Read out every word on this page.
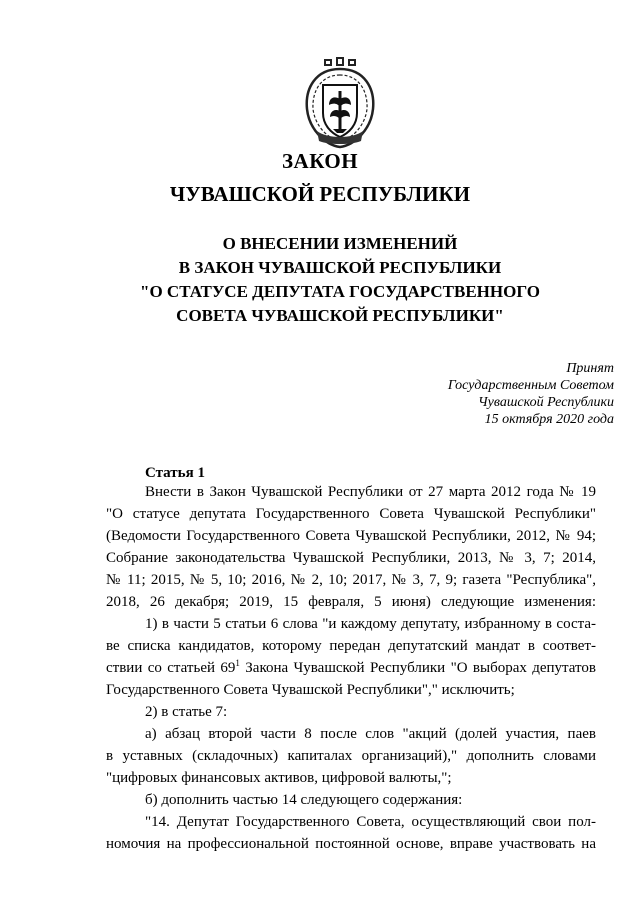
ЗАКОН
ЧУВАШСКОЙ РЕСПУБЛИКИ
О ВНЕСЕНИИ ИЗМЕНЕНИЙ
В ЗАКОН ЧУВАШСКОЙ РЕСПУБЛИКИ
"О СТАТУСЕ ДЕПУТАТА ГОСУДАРСТВЕННОГО
СОВЕТА ЧУВАШСКОЙ РЕСПУБЛИКИ"
Принят
Государственным Советом
Чувашской Республики
15 октября 2020 года
Статья 1
Внести в Закон Чувашской Республики от 27 марта 2012 года № 19
"О статусе депутата Государственного Совета Чувашской Республики"
(Ведомости Государственного Совета Чувашской Республики, 2012, № 94;
Собрание законодательства Чувашской Республики, 2013, № 3, 7; 2014,
№ 11; 2015, № 5, 10; 2016, № 2, 10; 2017, № 3, 7, 9; газета "Республика",
2018, 26 декабря; 2019, 15 февраля, 5 июня) следующие изменения:
1) в части 5 статьи 6 слова "и каждому депутату, избранному в соста-
ве списка кандидатов, которому передан депутатский мандат в соответ-
ствии со статьей $69^1$ Закона Чувашской Республики "О выборах депутатов
Государственного Совета Чувашской Республики"," исключить;
2) в статье 7:
а) абзац второй части 8 после слов "акций (долей участия, паев
в уставных (складочных) капиталах организаций)," дополнить словами
"цифровых финансовых активов, цифровой валюты,";
б) дополнить частью 14 следующего содержания:
"14. Депутат Государственного Совета, осуществляющий свои пол-
номочия на профессиональной постоянной основе, вправе участвовать на
